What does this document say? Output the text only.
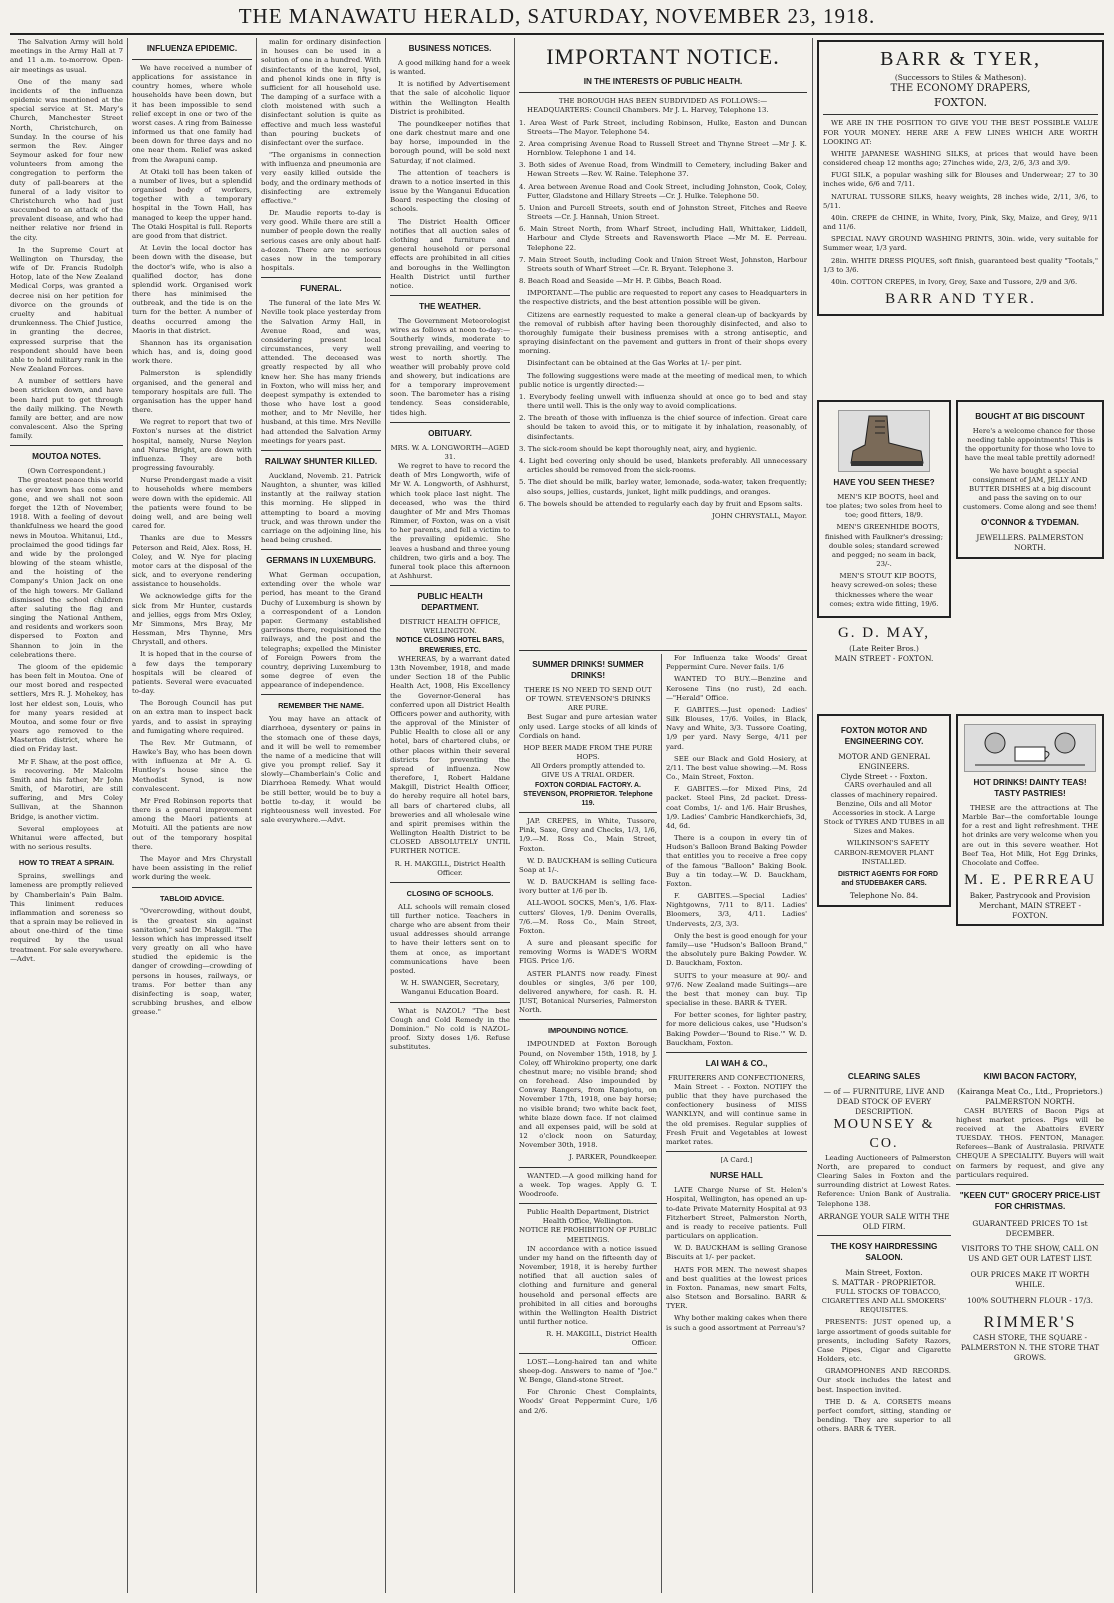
THE MANAWATU HERALD, SATURDAY, NOVEMBER 23, 1918.

The Salvation Army will hold meetings in the Army Hall at 7 and 11 a.m. to-morrow. Open-air meetings as usual.

One of the many sad incidents of the influenza epidemic was mentioned at the special service at St. Mary's Church, Manchester Street North, Christchurch, on Sunday. In the course of his sermon the Rev. Ainger Seymour asked for four new volunteers from among the congregation to perform the duty of pall-bearers at the funeral of a lady visitor to Christchurch who had just succumbed to an attack of the prevalent disease, and who had neither relative nor friend in the city.

In the Supreme Court at Wellington on Thursday, the wife of Dr. Francis Rudolph Hotop, late of the New Zealand Medical Corps, was granted a decree nisi on her petition for divorce on the grounds of cruelty and habitual drunkenness. The Chief Justice, in granting the decree, expressed surprise that the respondent should have been able to hold military rank in the New Zealand Forces.

A number of settlers have been stricken down, and have been hard put to get through the daily milking. The Newth family are better, and are now convalescent. Also the Spring family.

MOUTOA NOTES.
(Own Correspondent.)

The greatest peace this world has ever known has come and gone, and we shall not soon forget the 12th of November, 1918. With a feeling of devout thankfulness we heard the good news in Moutoa. Whitanui, Ltd., proclaimed the good tidings far and wide by the prolonged blowing of the steam whistle, and the hoisting of the Company's Union Jack on one of the high towers. Mr Galland dismissed the school children after saluting the flag and singing the National Anthem, and residents and workers soon dispersed to Foxton and Shannon to join in the celebrations there.

The gloom of the epidemic has been felt in Moutoa. One of our most bored and respected settlers, Mrs R. J. Mohekey, has lost her eldest son, Louis, who for many years resided at Moutoa, and some four or five years ago removed to the Masterton district, where he died on Friday last.

Mr F. Shaw, at the post office, is recovering. Mr Malcolm Smith and his father, Mr John Smith, of Marotiri, are still suffering, and Mrs Coley Sullivan, at the Shannon Bridge, is another victim.

Several employees at Whitanui were affected, but with no serious results.

HOW TO TREAT A SPRAIN.

Sprains, swellings and lameness are promptly relieved by Chamberlain's Pain Balm. This liniment reduces inflammation and soreness so that a sprain may be relieved in about one-third of the time required by the usual treatment. For sale everywhere.—Advt.

INFLUENZA EPIDEMIC.

We have received a number of applications for assistance in country homes, where whole households have been down, but it has been impossible to send relief except in one or two of the worst cases. A ring from Bainesse informed us that one family had been down for three days and no one near them. Relief was asked from the Awapuni camp.

At Otaki toll has been taken of a number of lives, but a splendid organised body of workers, together with a temporary hospital in the Town Hall, has managed to keep the upper hand. The Otaki Hospital is full. Reports are good from that district.

At Levin the local doctor has been down with the disease, but the doctor's wife, who is also a qualified doctor, has done splendid work. Organised work there has minimised the outbreak, and the tide is on the turn for the better. A number of deaths occurred among the Maoris in that district.

Shannon has its organisation which has, and is, doing good work there.

Palmerston is splendidly organised, and the general and temporary hospitals are full. The organisation has the upper hand there.

We regret to report that two of Foxton's nurses at the district hospital, namely, Nurse Neylon and Nurse Bright, are down with influenza. They are both progressing favourably.

Nurse Prendergast made a visit to households where members were down with the epidemic. All the patients were found to be doing well, and are being well cared for.

Thanks are due to Messrs Peterson and Reid, Alex. Ross, H. Coley, and W. Nye for placing motor cars at the disposal of the sick, and to everyone rendering assistance to households.

We acknowledge gifts for the sick from Mr Hunter, custards and jellies, eggs from Mrs Oxley, Mr Simmons, Mrs Bray, Mr Hessman, Mrs Thynne, Mrs Chrystall, and others.

It is hoped that in the course of a few days the temporary hospitals will be cleared of patients. Several were evacuated to-day.

The Borough Council has put on an extra man to inspect back yards, and to assist in spraying and fumigating where required.

The Rev. Mr Gutmann, of Hawke's Bay, who has been down with influenza at Mr A. G. Huntley's house since the Methodist Synod, is now convalescent.

Mr Fred Robinson reports that there is a general improvement among the Maori patients at Motuiti. All the patients are now out of the temporary hospital there.

The Mayor and Mrs Chrystall have been assisting in the relief work during the week.

TABLOID ADVICE.

"Overcrowding, without doubt, is the greatest sin against sanitation," said Dr. Makgill. "The lesson which has impressed itself very greatly on all who have studied the epidemic is the danger of crowding—crowding of persons in houses, railways, or trams. For better than any disinfecting is soap, water, scrubbing brushes, and elbow grease."

malin for ordinary disinfection in houses can be used in a solution of one in a hundred. With disinfectants of the kerol, lysol, and phenol kinds one in fifty is sufficient for all household use. The damping of a surface with a cloth moistened with such a disinfectant solution is quite as effective and much less wasteful than pouring buckets of disinfectant over the surface.

"The organisms in connection with influenza and pneumonia are very easily killed outside the body, and the ordinary methods of disinfecting are extremely effective."

Dr. Maudie reports to-day is very good. While there are still a number of people down the really serious cases are only about half-a-dozen. There are no serious cases now in the temporary hospitals.

FUNERAL.

The funeral of the late Mrs W. Neville took place yesterday from the Salvation Army Hall, in Avenue Road, and was, considering present local circumstances, very well attended. The deceased was greatly respected by all who knew her. She has many friends in Foxton, who will miss her, and deepest sympathy is extended to those who have lost a good mother, and to Mr Neville, her husband, at this time. Mrs Neville had attended the Salvation Army meetings for years past.

RAILWAY SHUNTER KILLED.

Auckland, Novemb. 21. Patrick Naughton, a shunter, was killed instantly at the railway station this morning. He slipped in attempting to board a moving truck, and was thrown under the carriage on the adjoining line, his head being crushed.

GERMANS IN LUXEMBURG.

What German occupation, extending over the whole war period, has meant to the Grand Duchy of Luxemburg is shown by a correspondent of a London paper. Germany established garrisons there, requisitioned the railways, and the post and the telegraphs; expelled the Minister of Foreign Powers from the country, depriving Luxemburg to some degree of even the appearance of independence.

REMEMBER THE NAME.

You may have an attack of diarrhoea, dysentery or pains in the stomach one of these days, and it will be well to remember the name of a medicine that will give you prompt relief. Say it slowly—Chamberlain's Colic and Diarrhoea Remedy. What would be still better, would be to buy a bottle to-day, it would be righteousness well invested. For sale everywhere.—Advt.

BUSINESS NOTICES.

A good milking hand for a week is wanted.

It is notified by Advertisement that the sale of alcoholic liquor within the Wellington Health District is prohibited.

The poundkeeper notifies that one dark chestnut mare and one bay horse, impounded in the borough pound, will be sold next Saturday, if not claimed.

The attention of teachers is drawn to a notice inserted in this issue by the Wanganui Education Board respecting the closing of schools.

The District Health Officer notifies that all auction sales of clothing and furniture and general household or personal effects are prohibited in all cities and boroughs in the Wellington Health District until further notice.

THE WEATHER.

The Government Meteorologist wires as follows at noon to-day:—Southerly winds, moderate to strong prevailing, and veering to west to north shortly. The weather will probably prove cold and showery, but indications are for a temporary improvement soon. The barometer has a rising tendency. Seas considerable, tides high.

OBITUARY.
MRS. W. A. LONGWORTH—AGED 31.

We regret to have to record the death of Mrs Longworth, wife of Mr W. A. Longworth, of Ashhurst, which took place last night. The deceased, who was the third daughter of Mr and Mrs Thomas Rimmer, of Foxton, was on a visit to her parents, and fell a victim to the prevailing epidemic. She leaves a husband and three young children, two girls and a boy. The funeral took place this afternoon at Ashhurst.

PUBLIC HEALTH DEPARTMENT.
DISTRICT HEALTH OFFICE, WELLINGTON.
NOTICE CLOSING HOTEL BARS, BREWERIES, ETC.

WHEREAS, by a warrant dated 13th November, 1918, and made under Section 18 of the Public Health Act, 1908, His Excellency the Governor-General has conferred upon all District Health Officers power and authority, with the approval of the Minister of Public Health to close all or any hotel, bars of chartered clubs, or other places within their several districts for preventing the spread of influenza. Now therefore, I, Robert Haldane Makgill, District Health Officer, do hereby require all hotel bars, all bars of chartered clubs, all breweries and all wholesale wine and spirit premises within the Wellington Health District to be CLOSED ABSOLUTELY UNTIL FURTHER NOTICE.

R. H. MAKGILL, District Health Officer.
CLOSING OF SCHOOLS.

ALL schools will remain closed till further notice. Teachers in charge who are absent from their usual addresses should arrange to have their letters sent on to them at once, as important communications have been posted.

W. H. SWANGER, Secretary, Wanganui Education Board.

What is NAZOL? "The best Cough and Cold Remedy in the Dominion." No cold is NAZOL-proof. Sixty doses 1/6. Refuse substitutes.

IMPORTANT NOTICE.
IN THE INTERESTS OF PUBLIC HEALTH.
THE BOROUGH HAS BEEN SUBDIVIDED AS FOLLOWS:—

HEADQUARTERS: Council Chambers. Mr J. L. Harvey, Telephone 13.

1. Area West of Park Street, including Robinson, Hulke, Easton and Duncan Streets—The Mayor. Telephone 54.

2. Area comprising Avenue Road to Russell Street and Thynne Street —Mr J. K. Hornblow. Telephone 1 and 14.

3. Both sides of Avenue Road, from Windmill to Cemetery, including Baker and Hewan Streets —Rev. W. Raine. Telephone 37.

4. Area between Avenue Road and Cook Street, including Johnston, Cook, Coley, Futter, Gladstone and Hillary Streets —Cr. J. Hulke. Telephone 50.

5. Union and Purcell Streets, south end of Johnston Street, Fitches and Reeve Streets —Cr. J. Hannah, Union Street.

6. Main Street North, from Wharf Street, including Hall, Whittaker, Liddell, Harbour and Clyde Streets and Ravensworth Place —Mr M. E. Perreau. Telephone 22.

7. Main Street South, including Cook and Union Street West, Johnston, Harbour Streets south of Wharf Street —Cr. R. Bryant. Telephone 3.

8. Beach Road and Seaside —Mr H. P. Gibbs, Beach Road.

IMPORTANT.—The public are requested to report any cases to Headquarters in the respective districts, and the best attention possible will be given.

Citizens are earnestly requested to make a general clean-up of backyards by the removal of rubbish after having been thoroughly disinfected, and also to thoroughly fumigate their business premises with a strong antiseptic, and spraying disinfectant on the pavement and gutters in front of their shops every morning.

Disinfectant can be obtained at the Gas Works at 1/- per pint.

The following suggestions were made at the meeting of medical men, to which public notice is urgently directed:—

1. Everybody feeling unwell with influenza should at once go to bed and stay there until well. This is the only way to avoid complications.

2. The breath of those with influenza is the chief source of infection. Great care should be taken to avoid this, or to mitigate it by inhalation, reasonably, of disinfectants.

3. The sick-room should be kept thoroughly neat, airy, and hygienic.

4. Light bed covering only should be used, blankets preferably. All unnecessary articles should be removed from the sick-rooms.

5. The diet should be milk, barley water, lemonade, soda-water, taken frequently; also soups, jellies, custards, junket, light milk puddings, and oranges.

6. The bowels should be attended to regularly each day by fruit and Epsom salts.

JOHN CHRYSTALL, Mayor.
SUMMER DRINKS! SUMMER DRINKS!
THERE IS NO NEED TO SEND OUT OF TOWN. STEVENSON'S DRINKS ARE PURE.

Best Sugar and pure artesian water only used. Large stocks of all kinds of Cordials on hand.

HOP BEER MADE FROM THE PURE HOPS.
All Orders promptly attended to.
GIVE US A TRIAL ORDER.
FOXTON CORDIAL FACTORY. A. STEVENSON, PROPRIETOR. Telephone 119.

JAP. CREPES, in White, Tussore, Pink, Saxe, Grey and Checks, 1/3, 1/6, 1/9.—M. Ross Co., Main Street, Foxton.

W. D. BAUCKHAM is selling Cuticura Soap at 1/-.

W. D. BAUCKHAM is selling face-ivory butter at 1/6 per lb.

ALL-WOOL SOCKS, Men's, 1/6. Flax-cutters' Gloves, 1/9. Denim Overalls, 7/6.—M. Ross Co., Main Street, Foxton.

A sure and pleasant specific for removing Worms is WADE'S WORM FIGS. Price 1/6.

ASTER PLANTS now ready. Finest doubles or singles, 3/6 per 100, delivered anywhere, for cash. R. H. JUST, Botanical Nurseries, Palmerston North.

IMPOUNDING NOTICE.

IMPOUNDED at Foxton Borough Pound, on November 15th, 1918, by J. Coley, off Whirokino property, one dark chestnut mare; no visible brand; shod on forehead. Also impounded by Conway Rangers, from Rangiotu, on November 17th, 1918, one bay horse; no visible brand; two white back feet, white blaze down face. If not claimed and all expenses paid, will be sold at 12 o'clock noon on Saturday, November 30th, 1918.

J. PARKER, Poundkeeper.

WANTED.—A good milking hand for a week. Top wages. Apply G. T. Woodroofe.

Public Health Department, District Health Office, Wellington.
NOTICE RE PROHIBITION OF PUBLIC MEETINGS.

IN accordance with a notice issued under my hand on the fifteenth day of November, 1918, it is hereby further notified that all auction sales of clothing and furniture and general household and personal effects are prohibited in all cities and boroughs within the Wellington Health District until further notice.

R. H. MAKGILL, District Health Officer.

LOST.—Long-haired tan and white sheep-dog. Answers to name of "Joe." W. Benge, Gland-stone Street.

For Chronic Chest Complaints, Woods' Great Peppermint Cure, 1/6 and 2/6.

For Influenza take Woods' Great Peppermint Cure. Never fails. 1/6

WANTED TO BUY.—Benzine and Kerosene Tins (no rust), 2d each.—"Herald" Office.

F. GABITES.—Just opened: Ladies' Silk Blouses, 17/6. Voiles, in Black, Navy and White, 3/3. Tussore Coating, 1/9 per yard. Navy Serge, 4/11 per yard.

SEE our Black and Gold Hosiery, at 2/11. The best value showing.—M. Ross Co., Main Street, Foxton.

F. GABITES.—for Mixed Pins, 2d packet. Steel Pins, 2d packet. Dress-coat Combs, 1/- and 1/6. Hair Brushes, 1/9. Ladies' Cambric Handkerchiefs, 3d, 4d, 6d.

There is a coupon in every tin of Hudson's Balloon Brand Baking Powder that entitles you to receive a free copy of the famous "Balloon" Baking Book. Buy a tin today.—W. D. Bauckham, Foxton.

F. GABITES.—Special Ladies' Nightgowns, 7/11 to 8/11. Ladies' Bloomers, 3/3, 4/11. Ladies' Undervests, 2/3, 3/3.

Only the best is good enough for your family—use "Hudson's Balloon Brand," the absolutely pure Baking Powder. W. D. Bauckham, Foxton.

SUITS to your measure at 90/- and 97/6. New Zealand made Suitings—are the best that money can buy. Tip specialise in these. BARR & TYER.

For better scones, for lighter pastry, for more delicious cakes, use "Hudson's Baking Powder—'Bound to Rise.'" W. D. Bauckham, Foxton.

LAI WAH & CO.,
FRUITERERS AND CONFECTIONERS,

Main Street - - Foxton. NOTIFY the public that they have purchased the confectionery business of MISS WANKLYN, and will continue same in the old premises. Regular supplies of Fresh Fruit and Vegetables at lowest market rates.

[A Card.]
NURSE HALL

LATE Charge Nurse of St. Helen's Hospital, Wellington, has opened an up-to-date Private Maternity Hospital at 93 Fitzherbert Street, Palmerston North, and is ready to receive patients. Full particulars on application.

W. D. BAUCKHAM is selling Granose Biscuits at 1/- per packet.

HATS FOR MEN. The newest shapes and best qualities at the lowest prices in Foxton. Panamas, new smart Felts, also Stetson and Borsalino. BARR & TYER.

Why bother making cakes when there is such a good assortment at Perreau's?

BARR & TYER,
(Successors to Stiles & Matheson).
THE ECONOMY DRAPERS,
FOXTON.

WE ARE IN THE POSITION TO GIVE YOU THE BEST POSSIBLE VALUE FOR YOUR MONEY. HERE ARE A FEW LINES WHICH ARE WORTH LOOKING AT:

WHITE JAPANESE WASHING SILKS, at prices that would have been considered cheap 12 months ago; 27inches wide, 2/3, 2/6, 3/3 and 3/9.

FUGI SILK, a popular washing silk for Blouses and Underwear; 27 to 30 inches wide, 6/6 and 7/11.

NATURAL TUSSORE SILKS, heavy weights, 28 inches wide, 2/11, 3/6, to 5/11.

40in. CREPE de CHINE, in White, Ivory, Pink, Sky, Maize, and Grey, 9/11 and 11/6.

SPECIAL NAVY GROUND WASHING PRINTS, 30in. wide, very suitable for Summer wear, 1/3 yard.

28in. WHITE DRESS PIQUES, soft finish, guaranteed best quality "Tootals," 1/3 to 3/6.

40in. COTTON CREPES, in Ivory, Grey, Saxe and Tussore, 2/9 and 3/6.

BARR AND TYER.
HAVE YOU SEEN THESE?

MEN'S KIP BOOTS, heel and toe plates; two soles from heel to toe; good fitters, 18/9.

MEN'S GREENHIDE BOOTS, finished with Faulkner's dressing; double soles; standard screwed and pegged; no seam in back, 23/-.

MEN'S STOUT KIP BOOTS, heavy screwed-on soles; these thicknesses where the wear comes; extra wide fitting, 19/6.

G. D. MAY,
(Late Reiter Bros.)
MAIN STREET - FOXTON.
BOUGHT AT BIG DISCOUNT

Here's a welcome chance for those needing table appointments! This is the opportunity for those who love to have the meal table prettily adorned!

We have bought a special consignment of JAM, JELLY AND BUTTER DISHES at a big discount and pass the saving on to our customers. Come along and see them!

O'CONNOR & TYDEMAN.
JEWELLERS. PALMERSTON NORTH.
FOXTON MOTOR AND ENGINEERING COY.
MOTOR AND GENERAL ENGINEERS.
Clyde Street - - Foxton.

CARS overhauled and all classes of machinery repaired. Benzine, Oils and all Motor Accessories in stock. A Large Stock of TYRES AND TUBES in all Sizes and Makes.

WILKINSON'S SAFETY CARBON-REMOVER PLANT INSTALLED.

DISTRICT AGENTS FOR FORD and STUDEBAKER CARS.

Telephone No. 84.
HOT DRINKS! DAINTY TEAS! TASTY PASTRIES!

THESE are the attractions at The Marble Bar—the comfortable lounge for a rest and light refreshment. THE hot drinks are very welcome when you are out in this severe weather. Hot Beef Tea, Hot Milk, Hot Egg Drinks, Chocolate and Coffee.

M. E. PERREAU
Baker, Pastrycook and Provision Merchant, MAIN STREET - FOXTON.
CLEARING SALES
— of — FURNITURE, LIVE AND DEAD STOCK OF EVERY DESCRIPTION.
MOUNSEY & CO.

Leading Auctioneers of Palmerston North, are prepared to conduct Clearing Sales in Foxton and the surrounding district at Lowest Rates. Reference: Union Bank of Australia. Telephone 138.

ARRANGE YOUR SALE WITH THE OLD FIRM.
THE KOSY HAIRDRESSING SALOON.
Main Street, Foxton.
S. MATTAR - PROPRIETOR.

FULL STOCKS OF TOBACCO, CIGARETTES AND ALL SMOKERS' REQUISITES.

PRESENTS: JUST opened up, a large assortment of goods suitable for presents, including Safety Razors, Case Pipes, Cigar and Cigarette Holders, etc.

GRAMOPHONES AND RECORDS. Our stock includes the latest and best. Inspection invited.

THE D. & A. CORSETS means perfect comfort, sitting, standing or bending. They are superior to all others. BARR & TYER.

KIWI BACON FACTORY,
(Kairanga Meat Co., Ltd., Proprietors.)
PALMERSTON NORTH.

CASH BUYERS of Bacon Pigs at highest market prices. Pigs will be received at the Abattoirs EVERY TUESDAY. THOS. FENTON, Manager. Referees—Bank of Australasia. PRIVATE CHEQUE A SPECIALITY. Buyers will wait on farmers by request, and give any particulars required.

"KEEN CUT" GROCERY PRICE-LIST FOR CHRISTMAS.
GUARANTEED PRICES TO 1st DECEMBER.
VISITORS TO THE SHOW, CALL ON US AND GET OUR LATEST LIST.
OUR PRICES MAKE IT WORTH WHILE.
100% SOUTHERN FLOUR - 17/3.
RIMMER'S
CASH STORE, THE SQUARE - PALMERSTON N. THE STORE THAT GROWS.
